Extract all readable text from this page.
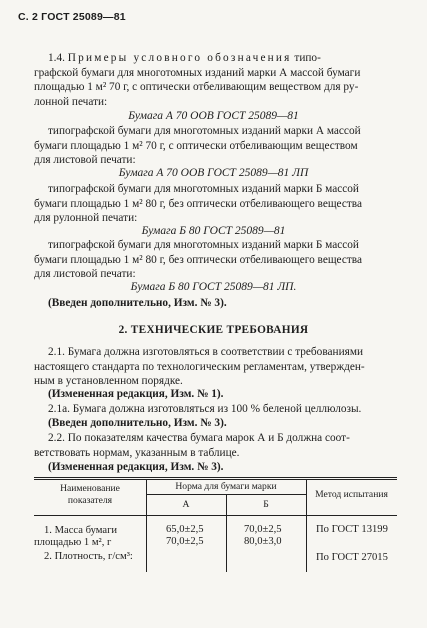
С. 2 ГОСТ 25089—81
1.4. Примеры условного обозначения типо-
графской бумаги для многотомных изданий марки А массой бумаги
площадью 1 м² 70 г, с оптически отбеливающим веществом для ру-
лонной печати:
Бумага А 70 ООВ ГОСТ 25089—81
типографской бумаги для многотомных изданий марки А массой
бумаги площадью 1 м² 70 г, с оптически отбеливающим веществом
для листовой печати:
Бумага А 70 ООВ ГОСТ 25089—81 ЛП
типографской бумаги для многотомных изданий марки Б массой
бумаги площадью 1 м² 80 г, без оптически отбеливающего вещества
для рулонной печати:
Бумага Б 80 ГОСТ 25089—81
типографской бумаги для многотомных изданий марки Б массой
бумаги площадью 1 м² 80 г, без оптически отбеливающего вещества
для листовой печати:
Бумага Б 80 ГОСТ 25089—81 ЛП.
(Введен дополнительно, Изм. № 3).
2. ТЕХНИЧЕСКИЕ ТРЕБОВАНИЯ
2.1. Бумага должна изготовляться в соответствии с требованиями
настоящего стандарта по технологическим регламентам, утвержден-
ным в установленном порядке.
(Измененная редакция, Изм. № 1).
2.1а. Бумага должна изготовляться из 100 % беленой целлюлозы.
(Введен дополнительно, Изм. № 3).
2.2. По показателям качества бумага марок А и Б должна соот-
ветствовать нормам, указанным в таблице.
(Измененная редакция, Изм. № 3).
Наименование
показателя
Норма для бумаги марки
А	Б
Метод испытания
1. Масса бумаги
площадью 1 м², г
65,0±2,5
70,0±2,5
70,0±2,5
80,0±3,0
По ГОСТ 13199
2. Плотность, г/см³:	По ГОСТ 27015
